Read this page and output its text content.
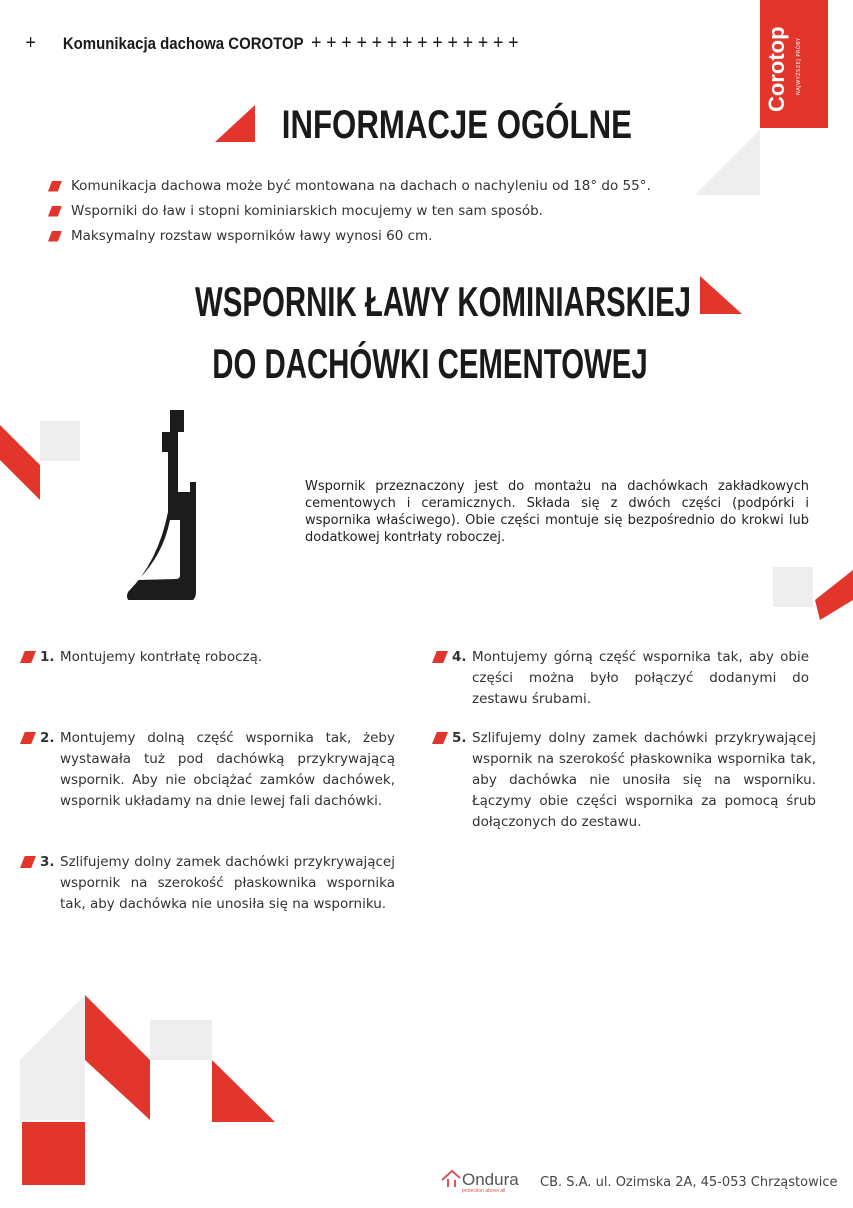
+ Komunikacja dachowa COROTOP + + + + + + + + + + + + + +	Corotop NAJWYŻSZEJ PRÓBY
INFORMACJE OGÓLNE
Komunikacja dachowa może być montowana na dachach o nachyleniu od 18° do 55°.
Wsporniki do ław i stopni kominiarskich mocujemy w ten sam sposób.
Maksymalny rozstaw wsporników ławy wynosi 60 cm.
WSPORNIK ŁAWY KOMINIARSKIEJ
DO DACHÓWKI CEMENTOWEJ
Wspornik przeznaczony jest do montażu na dachówkach zakładkowych cementowych i ceramicznych. Składa się z dwóch części (podpórki i wspornika właściwego). Obie części montuje się bezpośrednio do krokwi lub dodatkowej kontrłaty roboczej.
1. Montujemy kontrłatę roboczą.
2. Montujemy dolną część wspornika tak, żeby wystawała tuż pod dachówką przykrywającą wspornik. Aby nie obciążać zamków dachówek, wspornik układamy na dnie lewej fali dachówki.
3. Szlifujemy dolny zamek dachówki przykrywającej wspornik na szerokość płaskownika wspornika tak, aby dachówka nie unosiła się na wsporniku.
4. Montujemy górną część wspornika tak, aby obie części można było połączyć dodanymi do zestawu śrubami.
5. Szlifujemy dolny zamek dachówki przykrywającej wspornik na szerokość płaskownika wspornika tak, aby dachówka nie unosiła się na wsporniku. Łączymy obie części wspornika za pomocą śrub dołączonych do zestawu.
Ondura
protection above all
CB. S.A. ul. Ozimska 2A, 45-053 Chrząstowice
